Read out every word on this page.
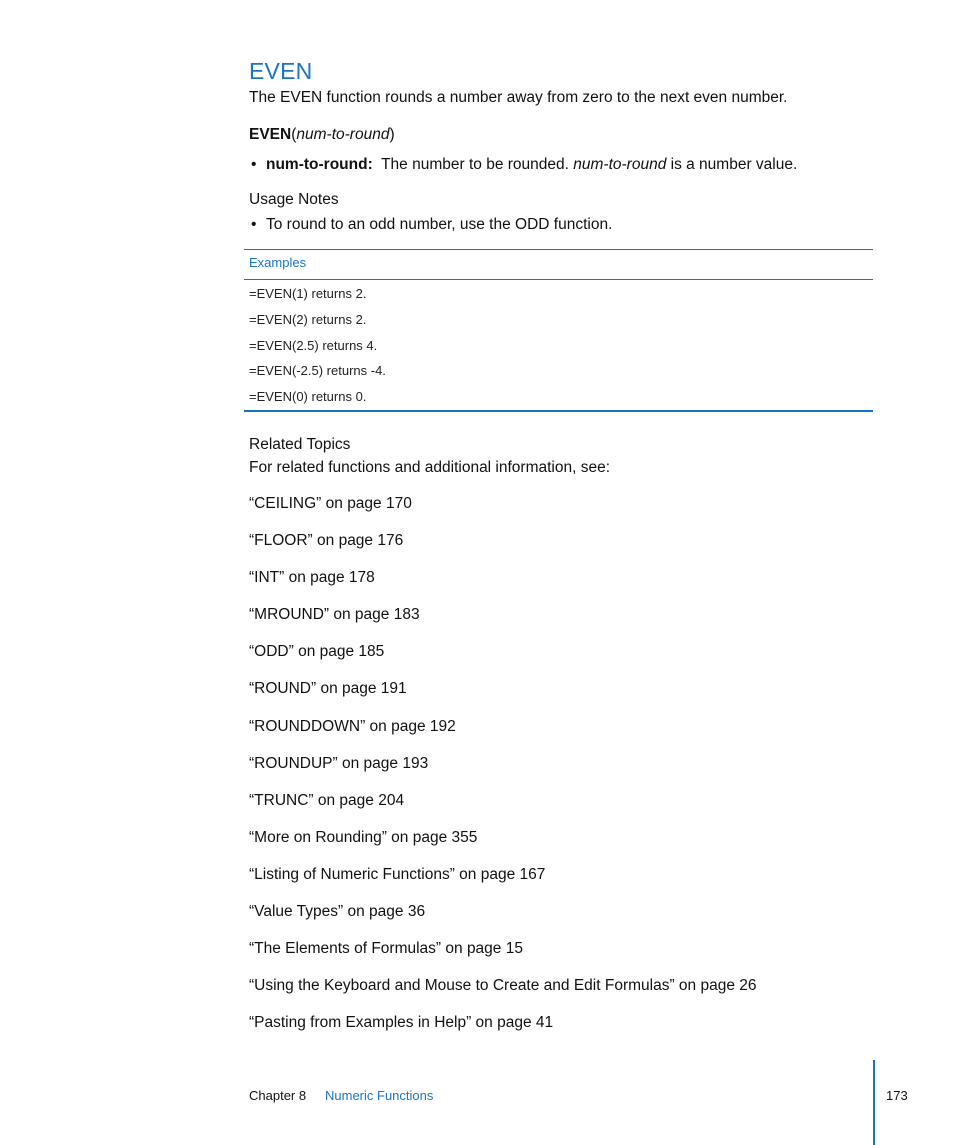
EVEN
The EVEN function rounds a number away from zero to the next even number.
EVEN(num-to-round)
• num-to-round: The number to be rounded. num-to-round is a number value.
Usage Notes
• To round to an odd number, use the ODD function.
Examples
=EVEN(1) returns 2.
=EVEN(2) returns 2.
=EVEN(2.5) returns 4.
=EVEN(-2.5) returns -4.
=EVEN(0) returns 0.
Related Topics
For related functions and additional information, see:
“CEILING” on page 170
“FLOOR” on page 176
“INT” on page 178
“MROUND” on page 183
“ODD” on page 185
“ROUND” on page 191
“ROUNDDOWN” on page 192
“ROUNDUP” on page 193
“TRUNC” on page 204
“More on Rounding” on page 355
“Listing of Numeric Functions” on page 167
“Value Types” on page 36
“The Elements of Formulas” on page 15
“Using the Keyboard and Mouse to Create and Edit Formulas” on page 26
“Pasting from Examples in Help” on page 41
Chapter 8 Numeric Functions	173
